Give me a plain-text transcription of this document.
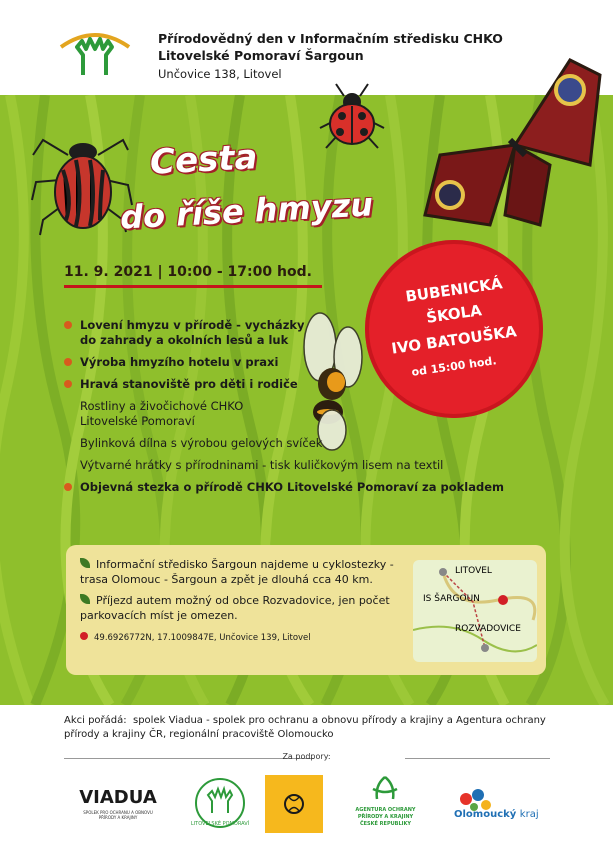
Přírodovědný den v Informačním středisku CHKO Litovelské Pomoraví Šargoun
Unčovice 138, Litovel
Cesta
do říše hmyzu
11. 9. 2021 | 10:00 - 17:00 hod.
BUBENICKÁ
ŠKOLA
IVO BATOUŠKA
od 15:00 hod.
Lovení hmyzu v přírodě - vycházky do zahrady a okolních lesů a luk
Výroba hmyzího hotelu v praxi
Hravá stanoviště pro děti i rodiče
Rostliny a živočichové CHKO Litovelské Pomoraví
Bylinková dílna s výrobou gelových svíček
Výtvarné hrátky s přírodninami - tisk kuličkovým lisem na textil
Objevná stezka o přírodě CHKO Litovelské Pomoraví za pokladem

Informační středisko Šargoun najdeme u cyklostezky - trasa Olomouc - Šargoun a zpět je dlouhá cca 40 km.

Příjezd autem možný od obce Rozvadovice, jen počet parkovacích míst je omezen.

49.6926772N, 17.1009847E, Unčovice 139, Litovel

LITOVEL
IS ŠARGOUN
ROZVADOVICE
Akci pořádá: spolek Viadua - spolek pro ochranu a obnovu přírody a krajiny a Agentura ochrany přírody a krajiny ČR, regionální pracoviště Olomoucko
Za podpory:
VIADUA
SPOLEK PRO OCHRANU A OBNOVU PŘÍRODY A KRAJINY
LITOVELSKÉ POMORAVÍ
AGENTURA OCHRANY PŘÍRODY A KRAJINY ČESKÉ REPUBLIKY
Olomoucký kraj
